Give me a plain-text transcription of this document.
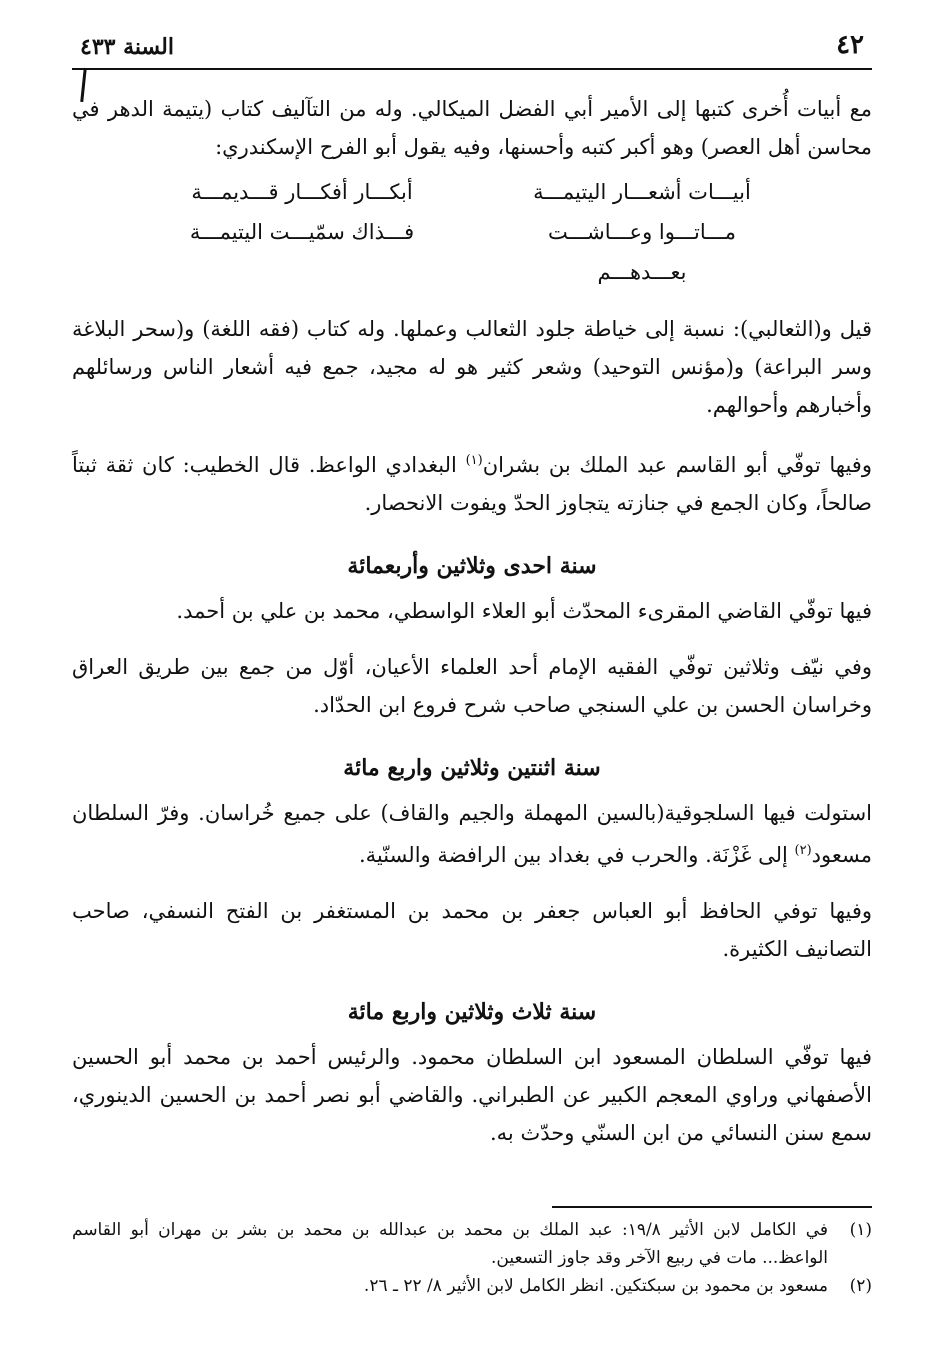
٤٢
السنة ٤٣٣

مع أبيات أُخرى كتبها إلى الأمير أبي الفضل الميكالي. وله من التآليف كتاب (يتيمة الدهر في محاسن أهل العصر) وهو أكبر كتبه وأحسنها، وفيه يقول أبو الفرح الإسكندري:

أبيـــات أشعـــار اليتيمـــة
أبكـــار أفكـــار قـــديمـــة
مـــاتـــوا وعـــاشـــت بعـــدهـــم
فـــذاك سمّيـــت اليتيمـــة

قيل و(الثعالبي): نسبة إلى خياطة جلود الثعالب وعملها. وله كتاب (فقه اللغة) و(سحر البلاغة وسر البراعة) و(مؤنس التوحيد) وشعر كثير هو له مجيد، جمع فيه أشعار الناس ورسائلهم وأخبارهم وأحوالهم.

وفيها توفّي أبو القاسم عبد الملك بن بشران$^{(١)}$ البغدادي الواعظ. قال الخطيب: كان ثقة ثبتاً صالحاً، وكان الجمع في جنازته يتجاوز الحدّ ويفوت الانحصار.

سنة احدى وثلاثين وأربعمائة

فيها توفّي القاضي المقرىء المحدّث أبو العلاء الواسطي، محمد بن علي بن أحمد.

وفي نيّف وثلاثين توفّي الفقيه الإمام أحد العلماء الأعيان، أوّل من جمع بين طريق العراق وخراسان الحسن بن علي السنجي صاحب شرح فروع ابن الحدّاد.

سنة اثنتين وثلاثين واربع مائة

استولت فيها السلجوقية(بالسين المهملة والجيم والقاف) على جميع خُراسان. وفرّ السلطان مسعود$^{(٢)}$ إلى غَزْنَة. والحرب في بغداد بين الرافضة والسنّية.

وفيها توفي الحافظ أبو العباس جعفر بن محمد بن المستغفر بن الفتح النسفي، صاحب التصانيف الكثيرة.

سنة ثلاث وثلاثين واربع مائة

فيها توفّي السلطان المسعود ابن السلطان محمود. والرئيس أحمد بن محمد أبو الحسين الأصفهاني وراوي المعجم الكبير عن الطبراني. والقاضي أبو نصر أحمد بن الحسين الدينوري، سمع سنن النسائي من ابن السنّي وحدّث به.

(١)
في الكامل لابن الأثير ١٩/٨: عبد الملك بن محمد بن عبدالله بن محمد بن بشر بن مهران أبو القاسم الواعظ... مات في ربيع الآخر وقد جاوز التسعين.
(٢)
مسعود بن محمود بن سبكتكين. انظر الكامل لابن الأثير ٨/ ٢٢ ـ ٢٦.
